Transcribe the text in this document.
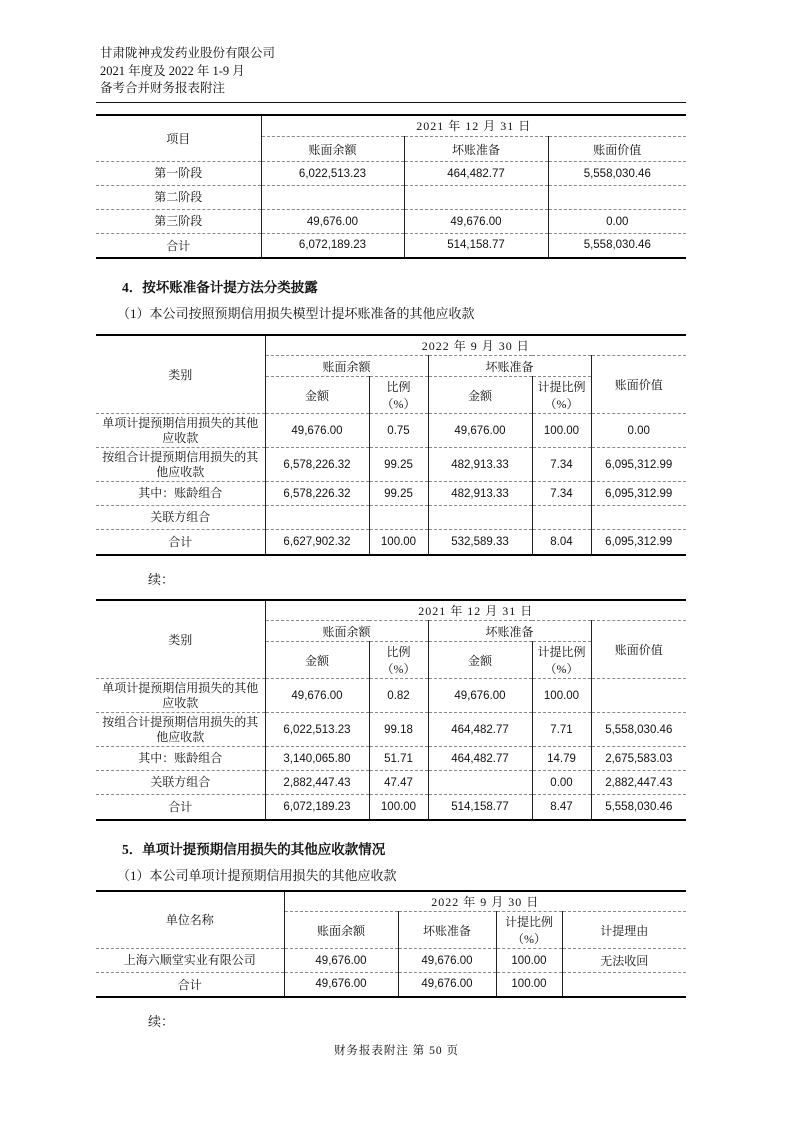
甘肃陇神戎发药业股份有限公司
2021 年度及 2022 年 1-9 月
备考合并财务报表附注
项目	2021 年 12 月 31 日		
	账面余额	坏账准备	账面价值
第一阶段	6,022,513.23	464,482.77	5,558,030.46
第二阶段			
第三阶段	49,676.00	49,676.00	0.00
合计	6,072,189.23	514,158.77	5,558,030.46
4．按坏账准备计提方法分类披露
（1）本公司按照预期信用损失模型计提坏账准备的其他应收款
类别	2022 年 9 月 30 日				
	账面余额		坏账准备		账面价值
	金额	比例（%）	金额	计提比例（%）	
单项计提预期信用损失的其他应收款	49,676.00	0.75	49,676.00	100.00	0.00
按组合计提预期信用损失的其他应收款	6,578,226.32	99.25	482,913.33	7.34	6,095,312.99
其中：账龄组合	6,578,226.32	99.25	482,913.33	7.34	6,095,312.99
关联方组合					
合计	6,627,902.32	100.00	532,589.33	8.04	6,095,312.99
续：
类别	2021 年 12 月 31 日				
	账面余额		坏账准备		账面价值
	金额	比例（%）	金额	计提比例（%）	
单项计提预期信用损失的其他应收款	49,676.00	0.82	49,676.00	100.00	
按组合计提预期信用损失的其他应收款	6,022,513.23	99.18	464,482.77	7.71	5,558,030.46
其中：账龄组合	3,140,065.80	51.71	464,482.77	14.79	2,675,583.03
关联方组合	2,882,447.43	47.47		0.00	2,882,447.43
合计	6,072,189.23	100.00	514,158.77	8.47	5,558,030.46
5．单项计提预期信用损失的其他应收款情况
（1）本公司单项计提预期信用损失的其他应收款
单位名称	2022 年 9 月 30 日			
	账面余额	坏账准备	计提比例（%）	计提理由
上海六顺堂实业有限公司	49,676.00	49,676.00	100.00	无法收回
合计	49,676.00	49,676.00	100.00	
续：
财务报表附注 第 50 页
